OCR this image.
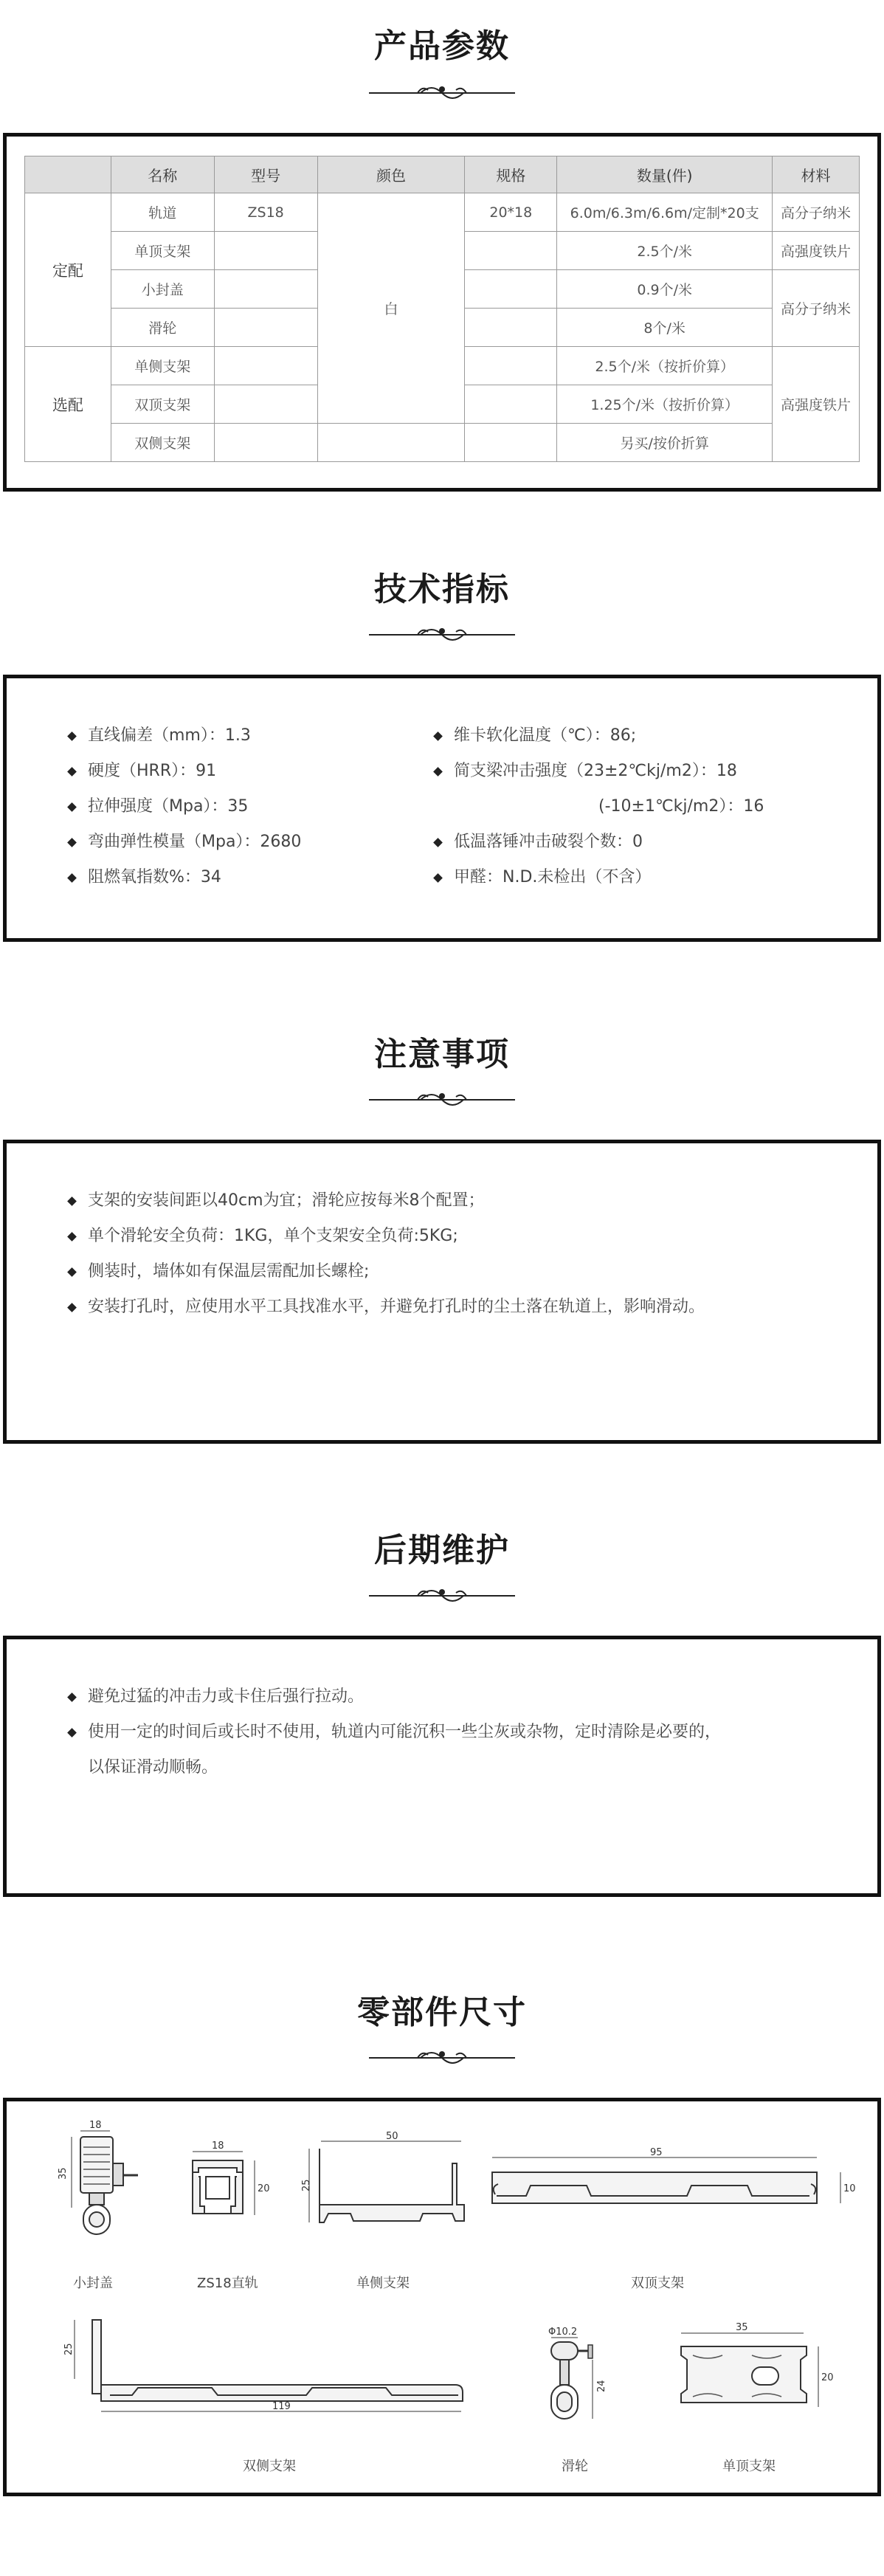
产品参数
	名称	型号	颜色	规格	数量(件)	材料
定配	轨道	ZS18	白	20*18	6.0m/6.3m/6.6m/定制*20支	高分子纳米
	单顶支架				2.5个/米	高强度铁片
	小封盖				0.9个/米	高分子纳米
	滑轮				8个/米	
选配	单侧支架				2.5个/米（按折价算）	高强度铁片
	双顶支架				1.25个/米（按折价算）	
	双侧支架				另买/按价折算	
技术指标
直线偏差（mm）：1.3
硬度（HRR）：91
拉伸强度（Mpa）：35
弯曲弹性模量（Mpa）：2680
阻燃氧指数%：34
维卡软化温度（℃）：86;
简支梁冲击强度（23±2℃kj/m2）：18
(-10±1℃kj/m2）：16
低温落锤冲击破裂个数：0
甲醛：N.D.未检出（不含）
注意事项
支架的安装间距以40cm为宜；滑轮应按每米8个配置；
单个滑轮安全负荷：1KG，单个支架安全负荷:5KG;
侧装时，墙体如有保温层需配加长螺栓;
安装打孔时，应使用水平工具找准水平，并避免打孔时的尘土落在轨道上，影响滑动。
后期维护
避免过猛的冲击力或卡住后强行拉动。
使用一定的时间后或长时不使用，轨道内可能沉积一些尘灰或杂物，定时清除是必要的，
以保证滑动顺畅。
零部件尺寸
18
35
小封盖
18
20
ZS18直轨
50
25
单侧支架
95
10
双顶支架
25
119
双侧支架
Φ10.2
24
滑轮
35
20
单顶支架
